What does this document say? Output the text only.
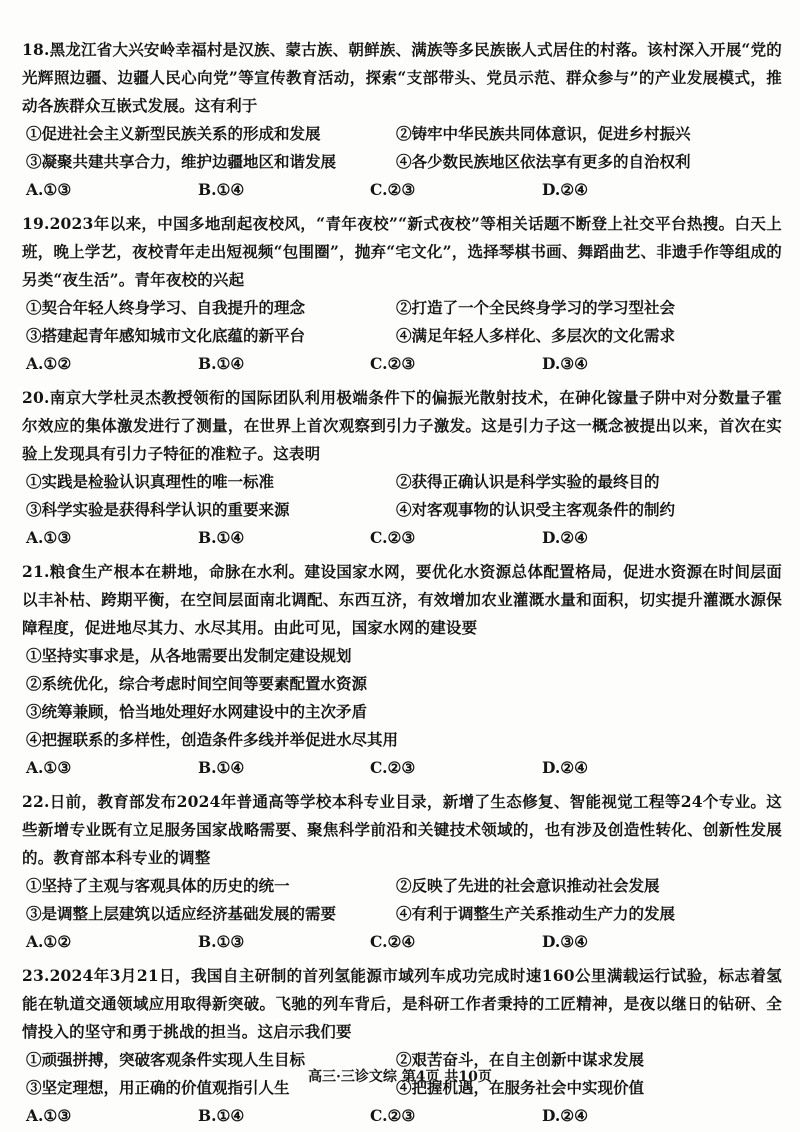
18.黑龙江省大兴安岭幸福村是汉族、蒙古族、朝鲜族、满族等多民族嵌人式居住的村落。该村深入开展“党的光辉照边疆、边疆人民心向党”等宣传教育活动，探索“支部带头、党员示范、群众参与”的产业发展模式，推动各族群众互嵌式发展。这有利于

①促进社会主义新型民族关系的形成和发展	②铸牢中华民族共同体意识，促进乡村振兴
③凝聚共建共享合力，维护边疆地区和谐发展	④各少数民族地区依法享有更多的自治权利
A.①③	B.①④	C.②③	D.②④

19.2023年以来，中国多地刮起夜校风，“青年夜校”“新式夜校”等相关话题不断登上社交平台热搜。白天上班，晚上学艺，夜校青年走出短视频“包围圈”，抛弃“宅文化”，选择琴棋书画、舞蹈曲艺、非遗手作等组成的另类“夜生活”。青年夜校的兴起

①契合年轻人终身学习、自我提升的理念	②打造了一个全民终身学习的学习型社会
③搭建起青年感知城市文化底蕴的新平台	④满足年轻人多样化、多层次的文化需求
A.①②	B.①④	C.②③	D.③④

20.南京大学杜灵杰教授领衔的国际团队利用极端条件下的偏振光散射技术，在砷化镓量子阱中对分数量子霍尔效应的集体激发进行了测量，在世界上首次观察到引力子激发。这是引力子这一概念被提出以来，首次在实验上发现具有引力子特征的准粒子。这表明

①实践是检验认识真理性的唯一标准	②获得正确认识是科学实验的最终目的
③科学实验是获得科学认识的重要来源	④对客观事物的认识受主客观条件的制约
A.①③	B.①④	C.②③	D.②④

21.粮食生产根本在耕地，命脉在水利。建设国家水网，要优化水资源总体配置格局，促进水资源在时间层面以丰补枯、跨期平衡，在空间层面南北调配、东西互济，有效增加农业灌溉水量和面积，切实提升灌溉水源保障程度，促进地尽其力、水尽其用。由此可见，国家水网的建设要

①坚持实事求是，从各地需要出发制定建设规划
②系统优化，综合考虑时间空间等要素配置水资源
③统筹兼顾，恰当地处理好水网建设中的主次矛盾
④把握联系的多样性，创造条件多线并举促进水尽其用
A.①③	B.①④	C.②③	D.②④

22.日前，教育部发布2024年普通高等学校本科专业目录，新增了生态修复、智能视觉工程等24个专业。这些新增专业既有立足服务国家战略需要、聚焦科学前沿和关键技术领域的，也有涉及创造性转化、创新性发展的。教育部本科专业的调整

①坚持了主观与客观具体的历史的统一	②反映了先进的社会意识推动社会发展
③是调整上层建筑以适应经济基础发展的需要	④有利于调整生产关系推动生产力的发展
A.①②	B.①③	C.②④	D.③④

23.2024年3月21日，我国自主研制的首列氢能源市域列车成功完成时速160公里满载运行试验，标志着氢能在轨道交通领域应用取得新突破。飞驰的列车背后，是科研工作者秉持的工匠精神，是夜以继日的钻研、全情投入的坚守和勇于挑战的担当。这启示我们要

①顽强拼搏，突破客观条件实现人生目标	②艰苦奋斗，在自主创新中谋求发展
③坚定理想，用正确的价值观指引人生	④把握机遇，在服务社会中实现价值
A.①③	B.①④	C.②③	D.②④
高三·三诊文综 第4页 共10页
